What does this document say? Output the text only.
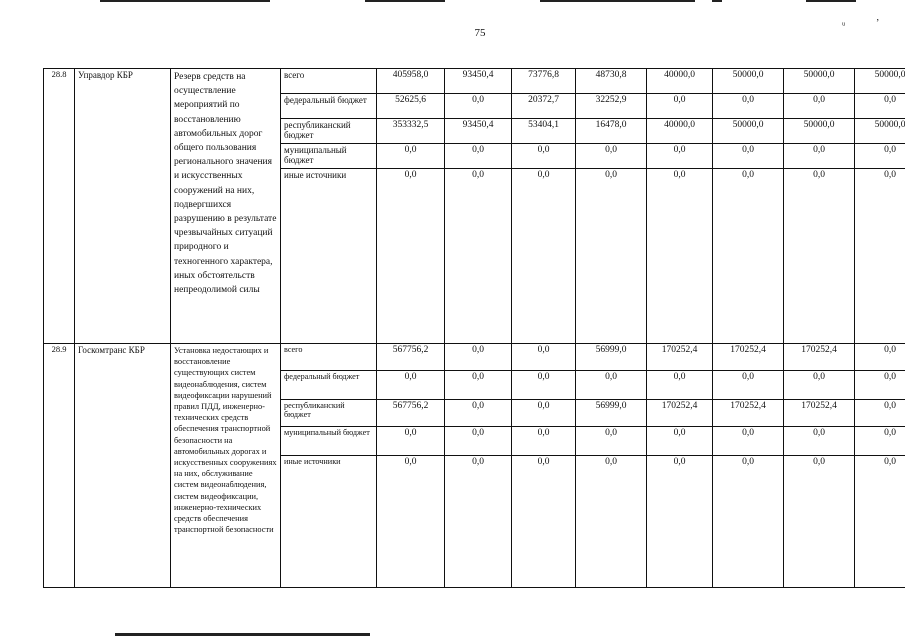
75
ᵘ	ʼ
28.8	Управдор КБР	Резерв средств на осуществление мероприятий по восстановлению автомобильных дорог общего пользования регионального значения и искусственных сооружений на них, подвергшихся разрушению в результате чрезвычайных ситуаций природного и техногенного характера, иных обстоятельств непреодолимой силы	всего	405958,0	93450,4	73776,8	48730,8	40000,0	50000,0	50000,0	50000,0
			федеральный бюджет	52625,6	0,0	20372,7	32252,9	0,0	0,0	0,0	0,0
			республиканский бюджет	353332,5	93450,4	53404,1	16478,0	40000,0	50000,0	50000,0	50000,0
			муниципальный бюджет	0,0	0,0	0,0	0,0	0,0	0,0	0,0	0,0
			иные источники	0,0	0,0	0,0	0,0	0,0	0,0	0,0	0,0
28.9	Госкомтранс КБР	Установка недостающих и восстановление существующих систем видеонаблюдения, систем видеофиксации нарушений правил ПДД, инженерно-технических средств обеспечения транспортной безопасности на автомобильных дорогах и искусственных сооружениях на них, обслуживание систем видеонаблюдения, систем видеофиксации, инженерно-технических средств обеспечения транспортной безопасности	всего	567756,2	0,0	0,0	56999,0	170252,4	170252,4	170252,4	0,0
			федеральный бюджет	0,0	0,0	0,0	0,0	0,0	0,0	0,0	0,0
			республиканский бюджет	567756,2	0,0	0,0	56999,0	170252,4	170252,4	170252,4	0,0
			муниципальный бюджет	0,0	0,0	0,0	0,0	0,0	0,0	0,0	0,0
			иные источники	0,0	0,0	0,0	0,0	0,0	0,0	0,0	0,0
